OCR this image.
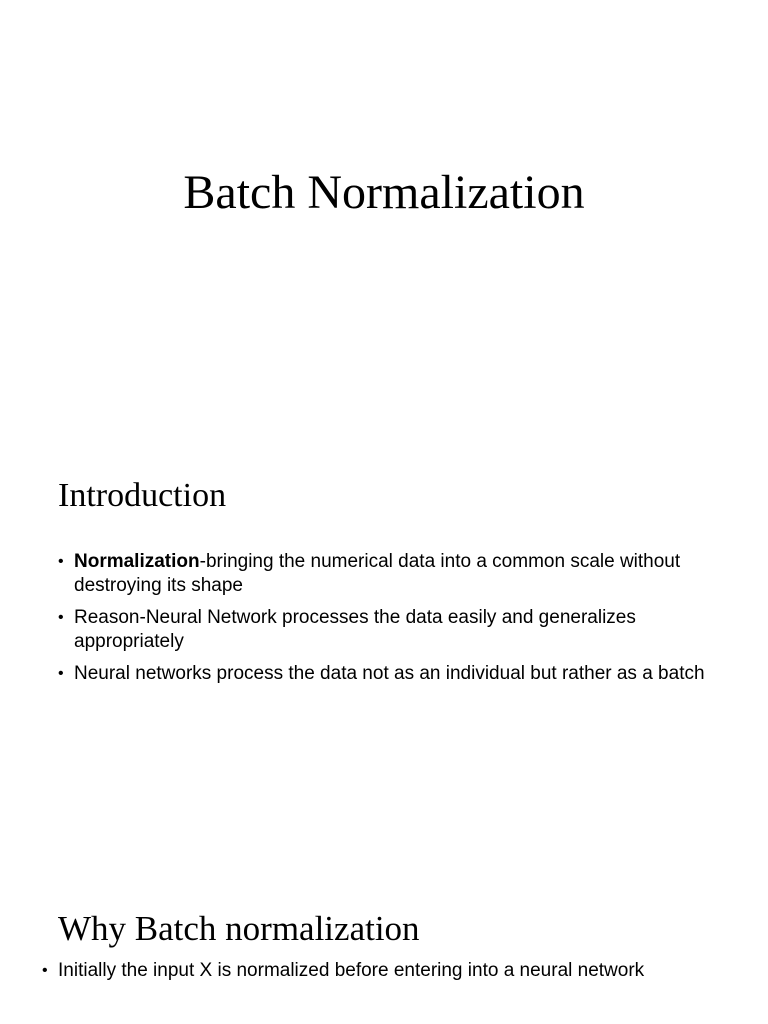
Batch Normalization
Introduction
• Normalization-bringing the numerical data into a common scale without destroying its shape
• Reason-Neural Network processes the data easily and generalizes appropriately
• Neural networks process the data not as an individual but rather as a batch
Why Batch normalization
• Initially the input X is normalized before entering into a neural network
